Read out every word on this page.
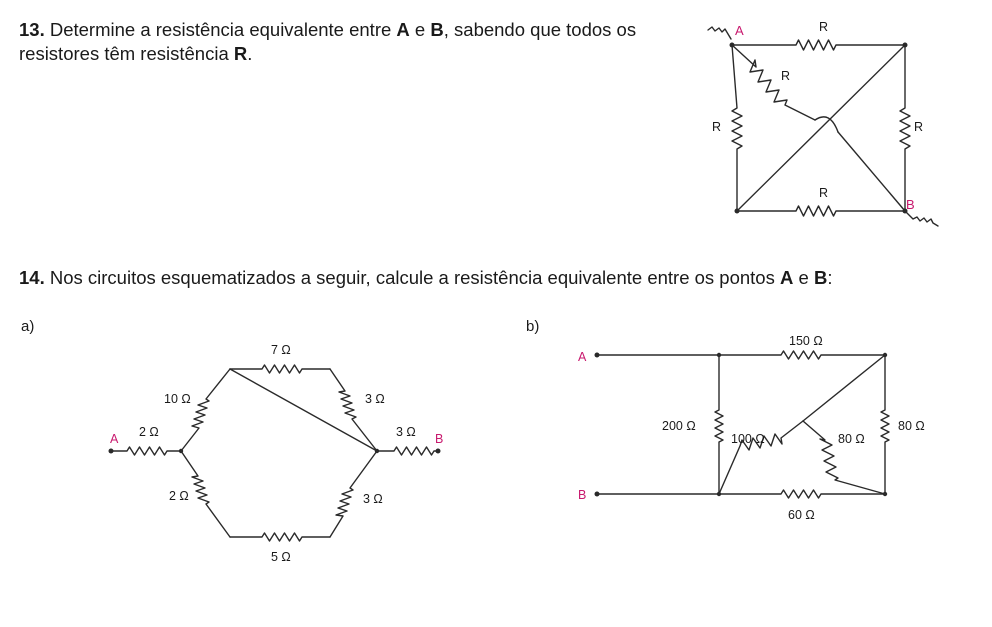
13. Determine a resistência equivalente entre A e B, sabendo que todos os resistores têm resistência R.
14. Nos circuitos esquematizados a seguir, calcule a resistência equivalente entre os pontos A e B:
a)	b)
A
B
R
R	R
R
R
A	B
2 Ω
10 Ω
7 Ω
3 Ω
3 Ω
2 Ω	3 Ω
5 Ω
A
B
150 Ω
200 Ω	80 Ω
100 Ω	80 Ω
60 Ω
